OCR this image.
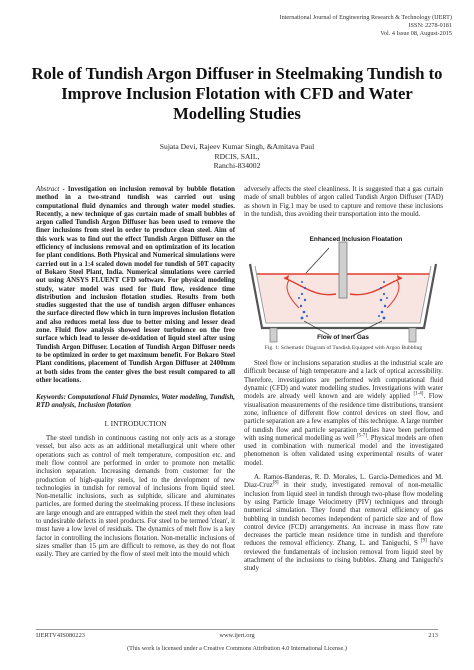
International Journal of Engineering Research & Technology (IJERT)
ISSN: 2278-0181
Vol. 4 Issue 08, August-2015
Role of Tundish Argon Diffuser in Steelmaking Tundish to Improve Inclusion Flotation with CFD and Water Modelling Studies
Sujata Devi, Rajeev Kumar Singh, &Amitava Paul
RDCIS, SAIL,
Ranchi-834002

Abstract - Investigation on inclusion removal by bubble flotation method in a two-strand tundish was carried out using computational fluid dynamics and through water model studies. Recently, a new technique of gas curtain made of small bubbles of argon called Tundish Argon Diffuser has been used to remove the finer inclusions from steel in order to produce clean steel. Aim of this work was to find out the effect Tundish Argon Diffuser on the efficiency of inclusions removal and on optimization of its location for plant conditions. Both Physical and Numerical simulations were carried out in a 1:4 scaled down model for tundish of 50T capacity of Bokaro Steel Plant, India. Numerical simulations were carried out using ANSYS FLUENT CFD software. For physical modeling study, water model was used for fluid flow, residence time distribution and inclusion flotation studies. Results from both studies suggested that the use of tundish argon diffuser enhances the surface directed flow which in turn improves inclusion flotation and also reduces metal loss due to better mixing and lesser dead zone. Fluid flow analysis showed lesser turbulence on the free surface which lead to lesser de-oxidation of liquid steel after using Tundish Argon Diffuser. Location of Tundish Argon Diffuser needs to be optimized in order to get maximum benefit. For Bokaro Steel Plant conditions, placement of Tundish Argon Diffuser at 2400mm at both sides from the center gives the best result compared to all other locations.

Keywords: Computational Fluid Dynamics, Water modeling, Tundish, RTD analysis, Inclusion flotation

I. INTRODUCTION

The steel tundish in continuous casting not only acts as a storage vessel, but also acts as an additional metallurgical unit where other operations such as control of melt temperature, composition etc. and melt flow control are performed in order to promote non metallic inclusion separation. Increasing demands from customer for the production of high-quality steels, led to the development of new technologies in tundish for removal of inclusions from liquid steel. Non-metallic inclusions, such as sulphide, silicate and aluminates particles, are formed during the steelmaking process. If these inclusions are large enough and are entrapped within the steel melt they often lead to undesirable defects in steel products. For steel to be termed 'clean', it must have a low level of residuals. The dynamics of melt flow is a key factor in controlling the inclusions flotation. Non-metallic inclusions of sizes smaller than 15 µm are difficult to remove, as they do not float easily. They are carried by the flow of steel melt into the mould which

adversely affects the steel cleanliness. It is suggested that a gas curtain made of small bubbles of argon called Tundish Argon Diffuser (TAD) as shown in Fig.1 may be used to capture and remove these inclusions in the tundish, thus avoiding their transportation into the mould.

Enhanced Inclusion Floatation
Flow of Inert Gas

Fig. 1: Schematic Diagram of Tundish Equipped with Argon Bubbling

Steel flow or inclusions separation studies at the industrial scale are difficult because of high temperature and a lack of optical accessibility. Therefore, investigations are performed with computational fluid dynamic (CFD) and water modelling studies. Investigations with water models are already well known and are widely applied [1-4]. Flow visualisation measurements of the residence time distributions, transient zone, influence of different flow control devices on steel flow, and particle separation are a few examples of this technique. A large number of tundish flow and particle separation studies have been performed with using numerical modelling as well [5-7]. Physical models are often used in combination with numerical model and the investigated phenomenon is often validated using experimental results of water model.

A. Ramos-Banderas, R. D. Morales, L. Garcia-Demedices and M. Diaz-Cruz[8] in their study, investigated removal of non-metallic inclusion from liquid steel in tundish through two-phase flow modeling by using Particle Image Velocimetry (PIV) techniques and through numerical simulation. They found that removal efficiency of gas bubbling in tundish becomes independent of particle size and of flow control device (FCD) arrangements. An increase in mass flow rate decreases the particle mean residence time in tundish and therefore reduces the removal efficiency. Zhang, L. and Taniguchi, S [9] have reviewed the fundamentals of inclusion removal from liquid steel by attachment of the inclusions to rising bubbles. Zhang and Taniguchi's study

IJERTV4IS080223	www.ijert.org	213
(This work is licensed under a Creative Commons Attribution 4.0 International License.)
